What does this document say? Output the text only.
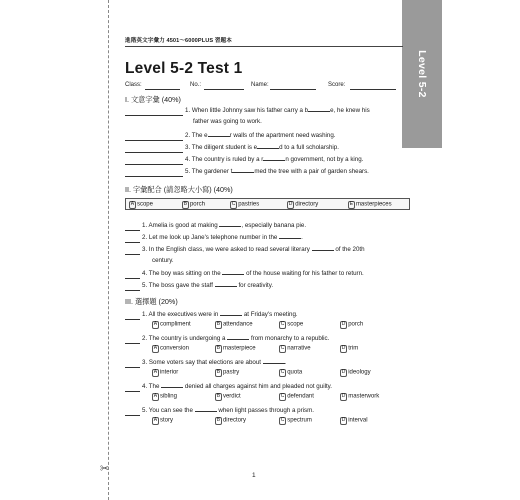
✂
Level 5-2
進階英文字彙力 4501～6000PLUS 習題本
Level 5-2 Test 1
Class:	No.:	Name:	Score:
I. 文意字彙 (40%)
1. When little Johnny saw his father carry a b	e, he knew his
father was going to work.
2. The e	r walls of the apartment need washing.
3. The diligent student is e	d to a full scholarship.
4. The country is ruled by a r	n government, not by a king.
5. The gardener t	med the tree with a pair of garden shears.
II. 字彙配合 (請忽略大小寫) (40%)
A scope	B porch	C pastries	D directory	E masterpieces
1. Amelia is good at making	, especially banana pie.
2. Let me look up Jane's telephone number in the	.
3. In the English class, we were asked to read several literary	of the 20th
century.
4. The boy was sitting on the	of the house waiting for his father to return.
5. The boss gave the staff	for creativity.
III. 選擇題 (20%)
1. All the executives were in	at Friday's meeting.
A compliment	B attendance	C scope	D porch
2. The country is undergoing a	from monarchy to a republic.
A conversion	B masterpiece	C narrative	D trim
3. Some voters say that elections are about	.
A interior	B pastry	C quota	D ideology
4. The	denied all charges against him and pleaded not guilty.
A sibling	B verdict	C defendant	D masterwork
5. You can see the	when light passes through a prism.
A story	B directory	C spectrum	D interval
1
